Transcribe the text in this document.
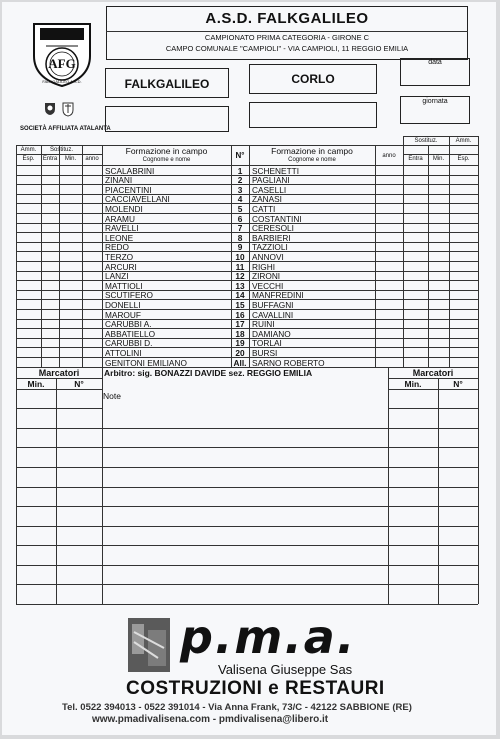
AFG
FALKGALILEO A.S.D.
SOCIETÀ AFFILIATA ATALANTA
A.S.D. FALKGALILEO
CAMPIONATO PRIMA CATEGORIA - GIRONE C
CAMPO COMUNALE "CAMPIOLI" - VIA CAMPIOLI, 11 REGGIO EMILIA
FALKGALILEO	CORLO
data
giornata
Amm.	Sostituz.
Esp.	Entra	Min.	anno
Formazione in campo
Cognome e nome	N°	Formazione in campo
Cognome e nome
anno
Sostituz.	Amm.
Entra	Min.	Esp.
SCALABRINI	1	SCHENETTI
ZINANI	2	PAGLIANI
PIACENTINI	3	CASELLI
CACCIAVELLANI	4	ZANASI
MOLENDI	5	CATTI
ARAMU	6	COSTANTINI
RAVELLI	7	CERESOLI
LEONE	8	BARBIERI
REDO	9	TAZZIOLI
TERZO	10 ANNOVI
ARCURI	11 RIGHI
LANZI	12 ZIRONI
MATTIOLI	13 VECCHI
SCUTIFERO	14 MANFREDINI
DONELLI	15 BUFFAGNI
MAROUF	16 CAVALLINI
CARUBBI A.	17 RUINI
ABBATIELLO	18 DAMIANO
CARUBBI D.	19 TORLAI
ATTOLINI	20 BURSI
GENITONI EMILIANO	All. SARNO ROBERTO
Marcatori	Arbitro: sig. BONAZZI DAVIDE sez. REGGIO EMILIA	Marcatori
Min.	N°	Min.	N°
Note
p.m.a.
Valisena Giuseppe Sas
COSTRUZIONI e RESTAURI
Tel. 0522 394013 - 0522 391014 - Via Anna Frank, 73/C - 42122 SABBIONE (RE)
www.pmadivalisena.com - pmdivalisena@libero.it
